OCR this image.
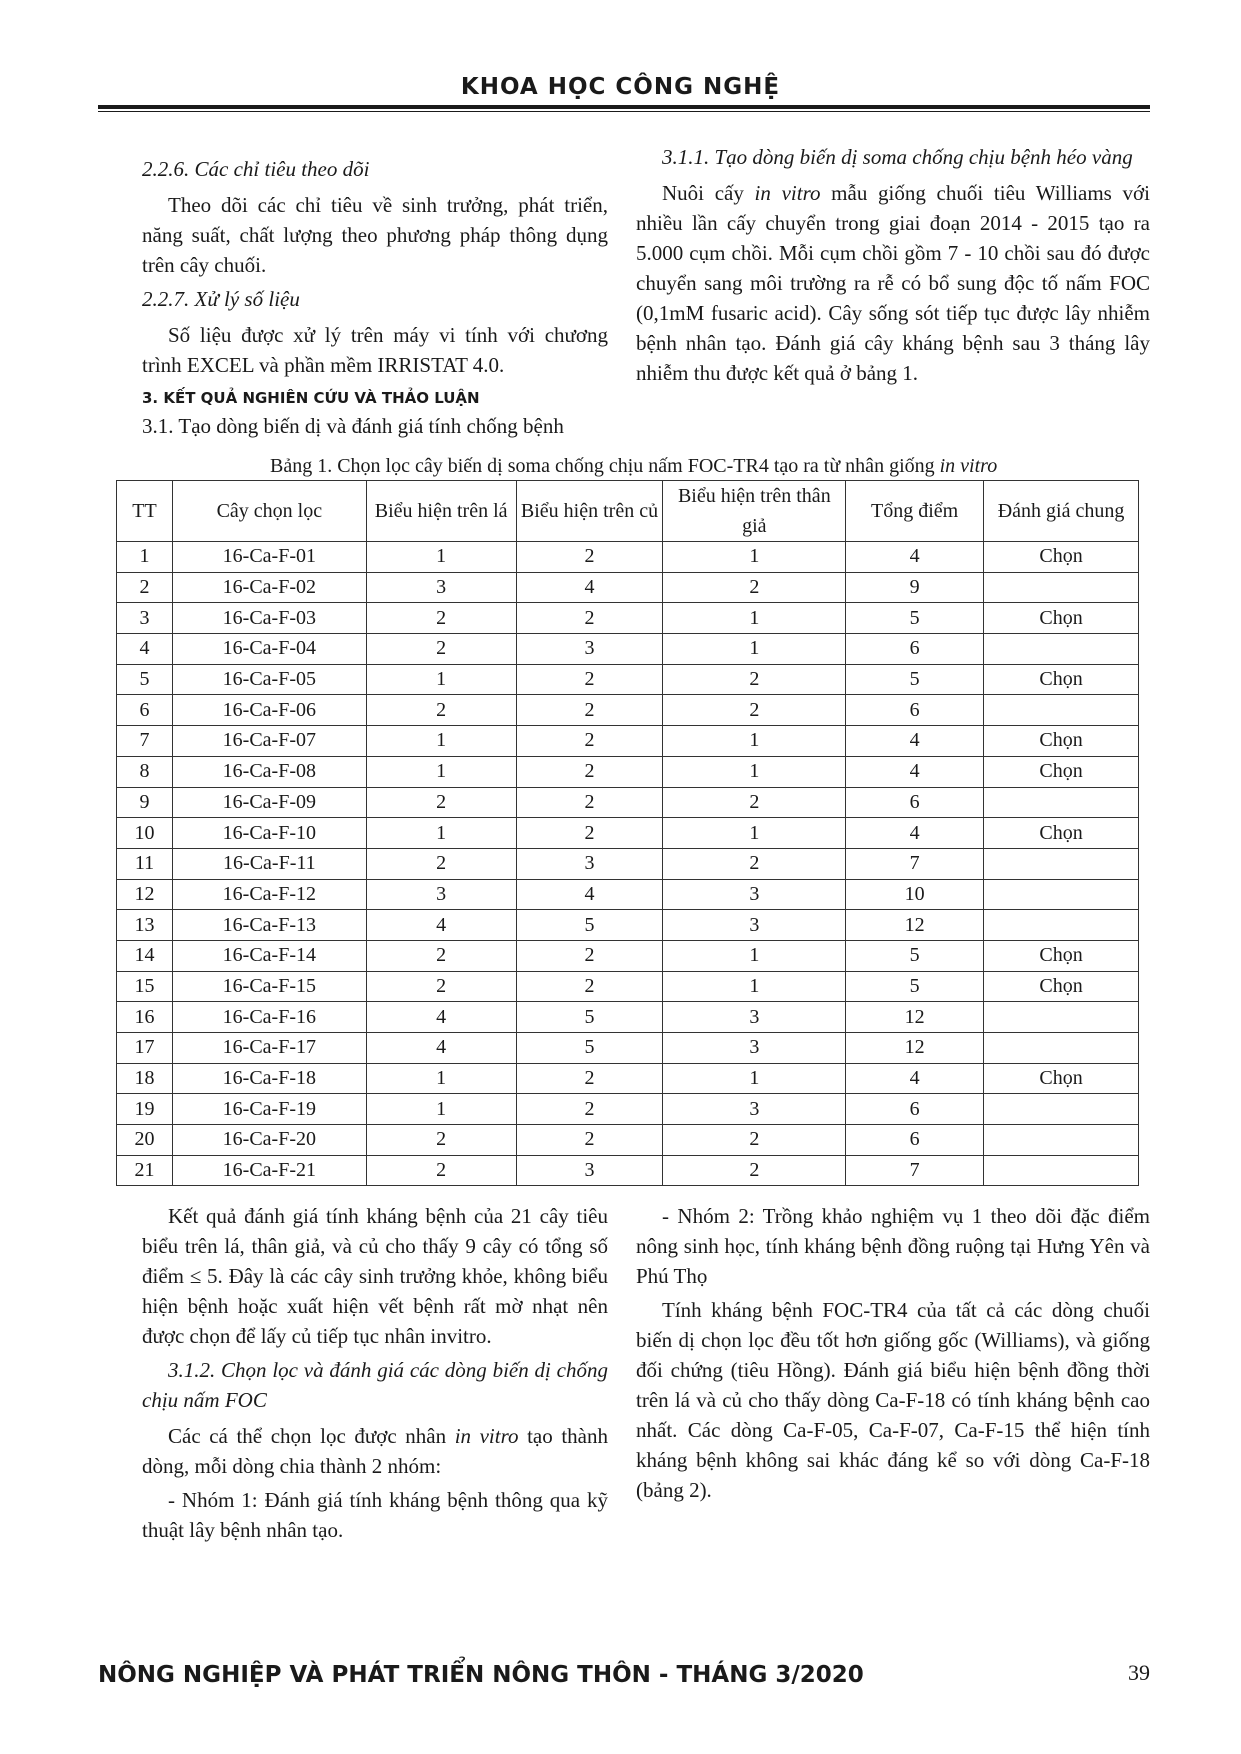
KHOA HỌC CÔNG NGHỆ

2.2.6. Các chỉ tiêu theo dõi

Theo dõi các chỉ tiêu về sinh trưởng, phát triển, năng suất, chất lượng theo phương pháp thông dụng trên cây chuối.

2.2.7. Xử lý số liệu

Số liệu được xử lý trên máy vi tính với chương trình EXCEL và phần mềm IRRISTAT 4.0.

3. KẾT QUẢ NGHIÊN CỨU VÀ THẢO LUẬN

3.1. Tạo dòng biến dị và đánh giá tính chống bệnh

3.1.1. Tạo dòng biến dị soma chống chịu bệnh héo vàng

Nuôi cấy in vitro mẫu giống chuối tiêu Williams với nhiều lần cấy chuyển trong giai đoạn 2014 - 2015 tạo ra 5.000 cụm chồi. Mỗi cụm chồi gồm 7 - 10 chồi sau đó được chuyển sang môi trường ra rễ có bổ sung độc tố nấm FOC (0,1mM fusaric acid). Cây sống sót tiếp tục được lây nhiễm bệnh nhân tạo. Đánh giá cây kháng bệnh sau 3 tháng lây nhiễm thu được kết quả ở bảng 1.

Bảng 1. Chọn lọc cây biến dị soma chống chịu nấm FOC-TR4 tạo ra từ nhân giống in vitro
TT	Cây chọn lọc	Biểu hiện trên lá	Biểu hiện trên củ	Biểu hiện trên thân giả	Tổng điểm	Đánh giá chung
1	16-Ca-F-01	1	2	1	4	Chọn
2	16-Ca-F-02	3	4	2	9	
3	16-Ca-F-03	2	2	1	5	Chọn
4	16-Ca-F-04	2	3	1	6	
5	16-Ca-F-05	1	2	2	5	Chọn
6	16-Ca-F-06	2	2	2	6	
7	16-Ca-F-07	1	2	1	4	Chọn
8	16-Ca-F-08	1	2	1	4	Chọn
9	16-Ca-F-09	2	2	2	6	
10	16-Ca-F-10	1	2	1	4	Chọn
11	16-Ca-F-11	2	3	2	7	
12	16-Ca-F-12	3	4	3	10	
13	16-Ca-F-13	4	5	3	12	
14	16-Ca-F-14	2	2	1	5	Chọn
15	16-Ca-F-15	2	2	1	5	Chọn
16	16-Ca-F-16	4	5	3	12	
17	16-Ca-F-17	4	5	3	12	
18	16-Ca-F-18	1	2	1	4	Chọn
19	16-Ca-F-19	1	2	3	6	
20	16-Ca-F-20	2	2	2	6	
21	16-Ca-F-21	2	3	2	7	

Kết quả đánh giá tính kháng bệnh của 21 cây tiêu biểu trên lá, thân giả, và củ cho thấy 9 cây có tổng số điểm ≤ 5. Đây là các cây sinh trưởng khỏe, không biểu hiện bệnh hoặc xuất hiện vết bệnh rất mờ nhạt nên được chọn để lấy củ tiếp tục nhân invitro.

3.1.2. Chọn lọc và đánh giá các dòng biến dị chống chịu nấm FOC

Các cá thể chọn lọc được nhân in vitro tạo thành dòng, mỗi dòng chia thành 2 nhóm:

- Nhóm 1: Đánh giá tính kháng bệnh thông qua kỹ thuật lây bệnh nhân tạo.

- Nhóm 2: Trồng khảo nghiệm vụ 1 theo dõi đặc điểm nông sinh học, tính kháng bệnh đồng ruộng tại Hưng Yên và Phú Thọ

Tính kháng bệnh FOC-TR4 của tất cả các dòng chuối biến dị chọn lọc đều tốt hơn giống gốc (Williams), và giống đối chứng (tiêu Hồng). Đánh giá biểu hiện bệnh đồng thời trên lá và củ cho thấy dòng Ca-F-18 có tính kháng bệnh cao nhất. Các dòng Ca-F-05, Ca-F-07, Ca-F-15 thể hiện tính kháng bệnh không sai khác đáng kể so với dòng Ca-F-18 (bảng 2).

NÔNG NGHIỆP VÀ PHÁT TRIỂN NÔNG THÔN - THÁNG 3/2020	39
